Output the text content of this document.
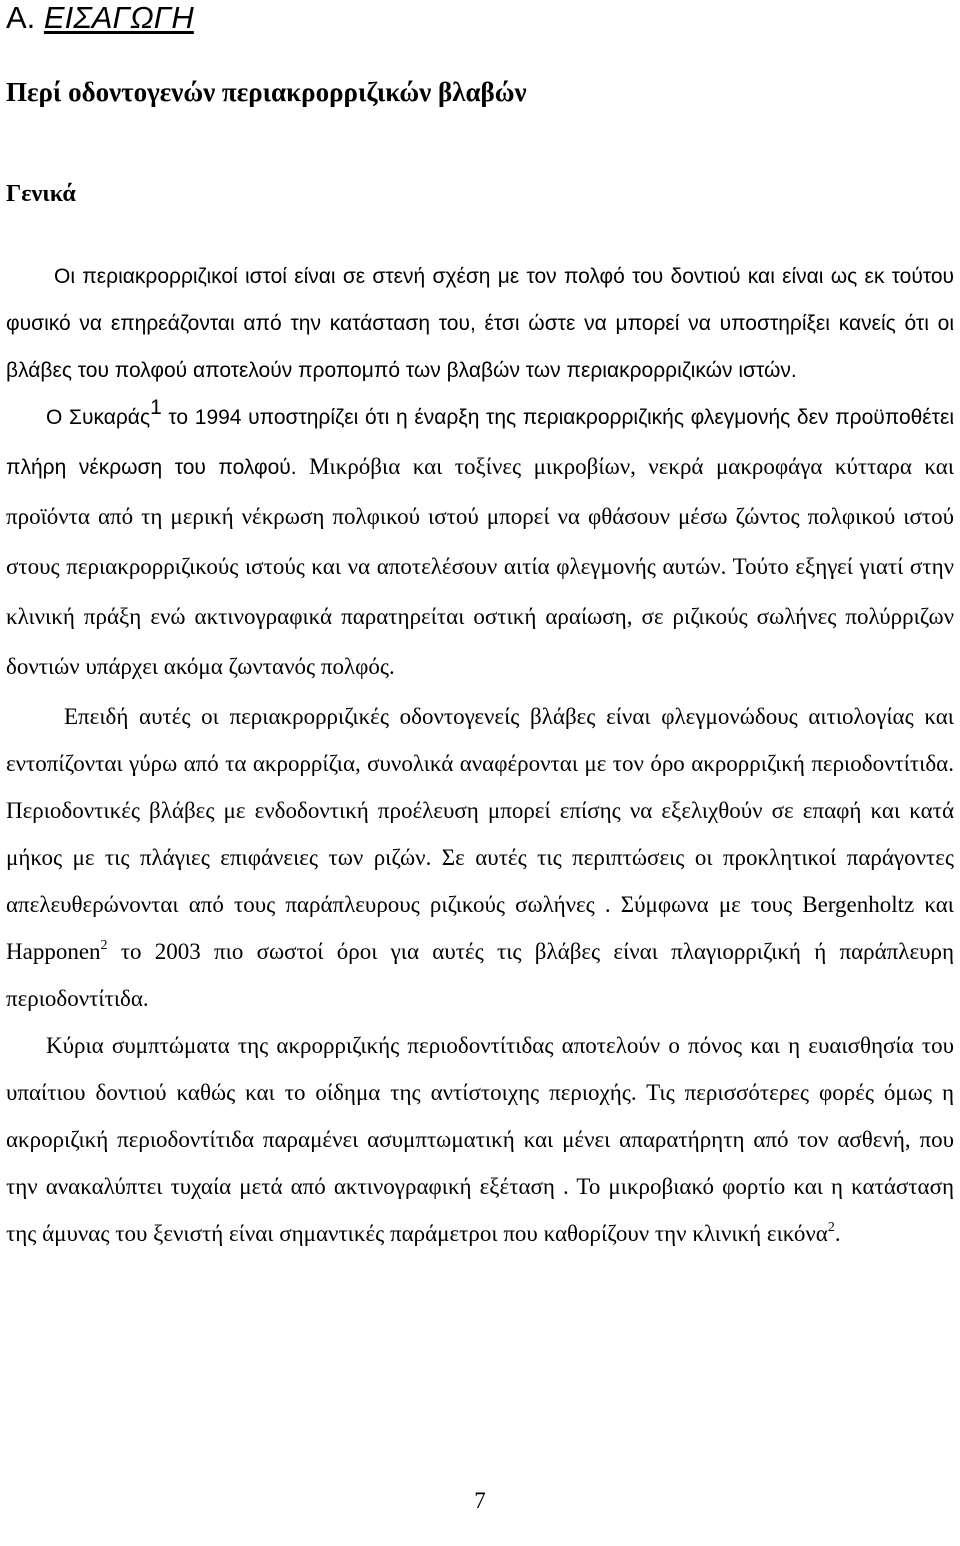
Α. ΕΙΣΑΓΩΓΗ
Περί οδοντογενών περιακρορριζικών βλαβών
Γενικά

Οι περιακρορριζικοί ιστοί είναι σε στενή σχέση με τον πολφό του δοντιού και είναι ως εκ τούτου φυσικό να επηρεάζονται από την κατάσταση του, έτσι ώστε να μπορεί να υποστηρίξει κανείς ότι οι βλάβες του πολφού αποτελούν προπομπό των βλαβών των περιακρορριζικών ιστών.

Ο Συκαράς$^1$ το 1994 υποστηρίζει ότι η έναρξη της περιακρορριζικής φλεγμονής δεν προϋποθέτει πλήρη νέκρωση του πολφού. Μικρόβια και τοξίνες μικροβίων, νεκρά μακροφάγα κύτταρα και προϊόντα από τη μερική νέκρωση πολφικού ιστού μπορεί να φθάσουν μέσω ζώντος πολφικού ιστού στους περιακρορριζικούς ιστούς και να αποτελέσουν αιτία φλεγμονής αυτών. Τούτο εξηγεί γιατί στην κλινική πράξη ενώ ακτινογραφικά παρατηρείται οστική αραίωση, σε ριζικούς σωλήνες πολύρριζων δοντιών υπάρχει ακόμα ζωντανός πολφός.

Επειδή αυτές οι περιακρορριζικές οδοντογενείς βλάβες είναι φλεγμονώδους αιτιολογίας και εντοπίζονται γύρω από τα ακρορρίζια, συνολικά αναφέρονται με τον όρο ακρορριζική περιοδοντίτιδα. Περιοδοντικές βλάβες με ενδοδοντική προέλευση μπορεί επίσης να εξελιχθούν σε επαφή και κατά μήκος με τις πλάγιες επιφάνειες των ριζών. Σε αυτές τις περιπτώσεις οι προκλητικοί παράγοντες απελευθερώνονται από τους παράπλευρους ριζικούς σωλήνες . Σύμφωνα με τους Bergenholtz και Happonen$^2$ το 2003 πιο σωστοί όροι για αυτές τις βλάβες είναι πλαγιορριζική ή παράπλευρη περιοδοντίτιδα.

Κύρια συμπτώματα της ακρορριζικής περιοδοντίτιδας αποτελούν ο πόνος και η ευαισθησία του υπαίτιου δοντιού καθώς και το οίδημα της αντίστοιχης περιοχής. Τις περισσότερες φορές όμως η ακροριζική περιοδοντίτιδα παραμένει ασυμπτωματική και μένει απαρατήρητη από τον ασθενή, που την ανακαλύπτει τυχαία μετά από ακτινογραφική εξέταση . Το μικροβιακό φορτίο και η κατάσταση της άμυνας του ξενιστή είναι σημαντικές παράμετροι που καθορίζουν την κλινική εικόνα$^2$.

7
